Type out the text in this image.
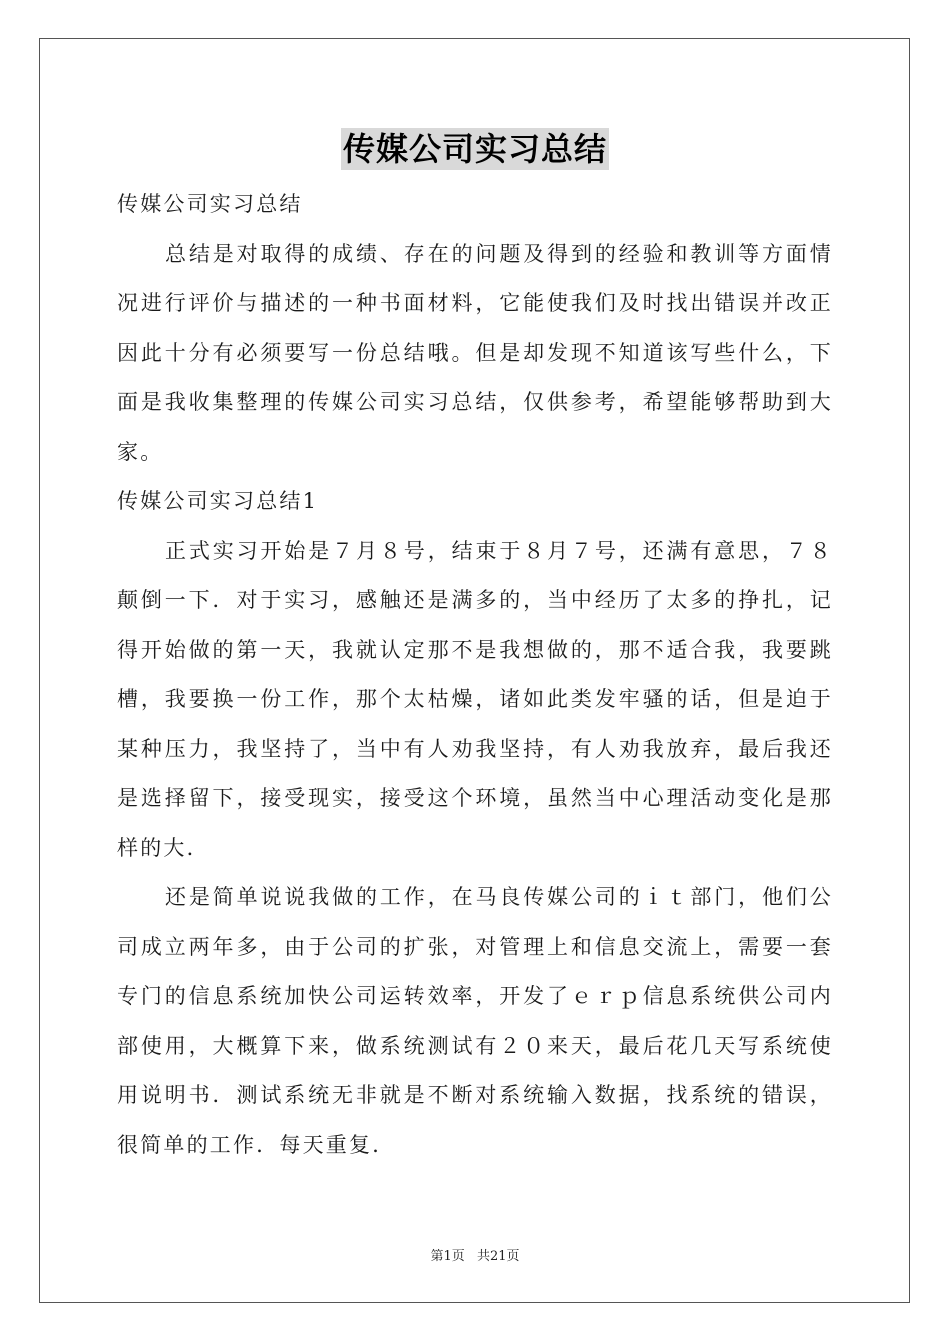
传媒公司实习总结

传媒公司实习总结

总结是对取得的成绩、存在的问题及得到的经验和教训等方面情况进行评价与描述的一种书面材料，它能使我们及时找出错误并改正因此十分有必须要写一份总结哦。但是却发现不知道该写些什么，下面是我收集整理的传媒公司实习总结，仅供参考，希望能够帮助到大家。

传媒公司实习总结1

正式实习开始是７月８号，结束于８月７号，还满有意思，７８颠倒一下．对于实习，感触还是满多的，当中经历了太多的挣扎，记得开始做的第一天，我就认定那不是我想做的，那不适合我，我要跳槽，我要换一份工作，那个太枯燥，诸如此类发牢骚的话，但是迫于某种压力，我坚持了，当中有人劝我坚持，有人劝我放弃，最后我还是选择留下，接受现实，接受这个环境，虽然当中心理活动变化是那样的大．

还是简单说说我做的工作，在马良传媒公司的ｉｔ部门，他们公司成立两年多，由于公司的扩张，对管理上和信息交流上，需要一套专门的信息系统加快公司运转效率，开发了ｅｒｐ信息系统供公司内部使用，大概算下来，做系统测试有２０来天，最后花几天写系统使用说明书．测试系统无非就是不断对系统输入数据，找系统的错误，很简单的工作．每天重复．

第1页 共21页
